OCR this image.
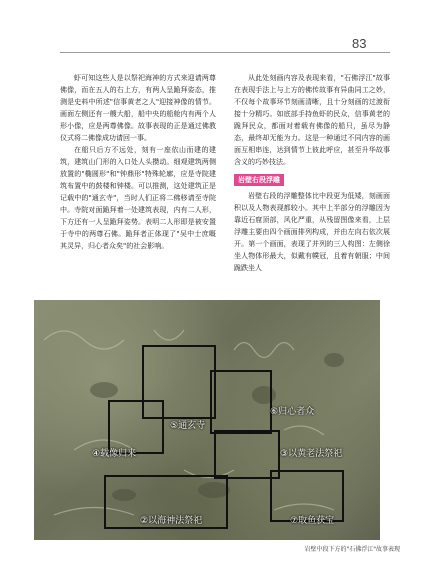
83

虾可知这些人是以祭祀海神的方式来迎请两尊佛像，而在五人的右上方，有两人呈跪拜姿态，推测是史料中所述"信事黄老之人"迎接神像的情节。画面左侧还有一艘大船，船中央的船舱内有两个人形小像，应是两尊佛像。故事表现的正是通过佛教仪式将二佛像成功请回一事。

在船只后方不远处，刻有一座依山而建的建筑，建筑山门形的入口处人头攒动。细观建筑两侧放置的"椭圆形"和"钟鼎形"特殊轮廓，应是寺院建筑布置中的鼓楼和钟楼。可以推测，这处建筑正是记载中的"通玄寺"，当时人们正将二佛移请至寺院中。寺院对面跪拜着一处建筑表现，内有二人形，下方还有一人呈跪拜姿势。表明二人形即是被安置于寺中的两尊石佛。跪拜者正体现了"吴中士庶嘅其灵异，归心者众矣"的社会影响。

从此处刻画内容及表现来看，"石佛浮江"故事在表现手法上与上方的佛传故事有异曲同工之妙，不仅每个故事环节刻画清晰，且十分刻画的过渡衔接十分精巧。如底部手持鱼虾的民众，信事黄老的跪拜民众，都面对着载有佛像的船只，虽尽为静态，最终却无能为力。这是一种通过不同内容的画面互相串连，达到情节上彼此呼应，甚至升华故事含义的巧妙技法。

岩壁右段浮雕

岩壁右段的浮雕整体比中段更为低矮，刻画面积以及人物表现都较小。其中上半部分的浮雕因为靠近石窟顶部，风化严重，从残留图像来看，上层浮雕主要由四个画面排列构成，并由左向右依次展开。第一个画面，表现了并列的三人构图：左侧徐坐人物体形最大，似戴有幞冠，且着有朝服；中间跪跌坐人

⑥归心者众
⑤通玄寺
④载像归来	③以黄老法祭祀
②以海神法祭祀	⑦取鱼获宝
岩壁中段下方的"石佛浮江"故事表现
